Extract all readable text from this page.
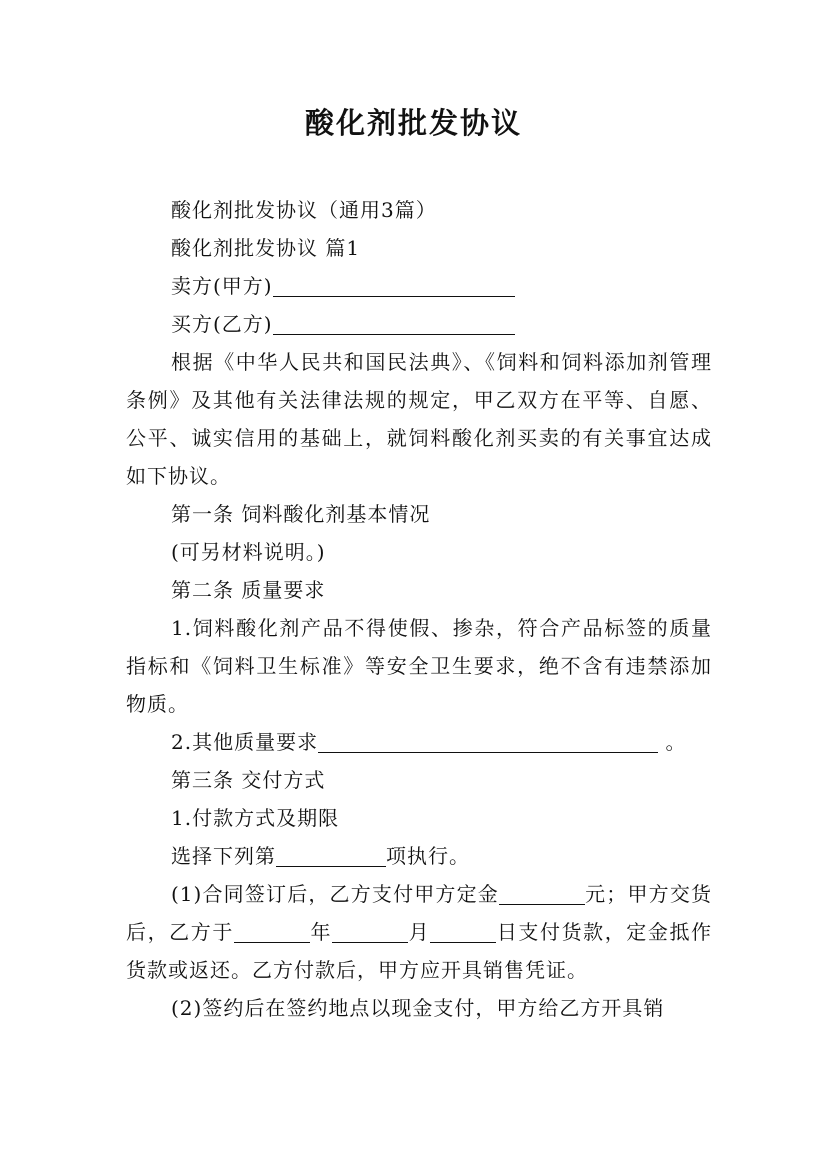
酸化剂批发协议

酸化剂批发协议（通用3篇）

酸化剂批发协议 篇1

卖方(甲方)

买方(乙方)

根据《中华人民共和国民法典》、《饲料和饲料添加剂管理条例》及其他有关法律法规的规定，甲乙双方在平等、自愿、公平、诚实信用的基础上，就饲料酸化剂买卖的有关事宜达成如下协议。

第一条 饲料酸化剂基本情况

(可另材料说明。)

第二条 质量要求

1.饲料酸化剂产品不得使假、掺杂，符合产品标签的质量指标和《饲料卫生标准》等安全卫生要求，绝不含有违禁添加物质。

2.其他质量要求	。

第三条 交付方式

1.付款方式及期限

选择下列第	项执行。

(1)合同签订后，乙方支付甲方定金	元；甲方交货后，乙方于	年	月	日支付货款，定金抵作货款或返还。乙方付款后，甲方应开具销售凭证。

(2)签约后在签约地点以现金支付，甲方给乙方开具销
